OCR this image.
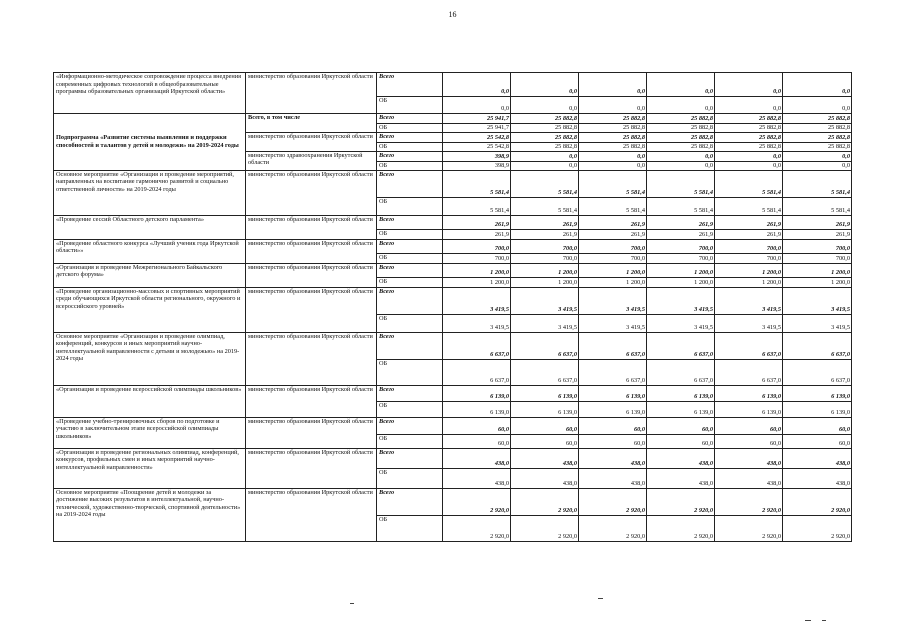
16
«Информационно-методическое сопровождение процесса внедрения современных цифровых технологий в общеобразовательные программы образовательных организаций Иркутской области»	министерство образования Иркутской области	Всего	0,0	0,0	0,0	0,0	0,0	0,0
		ОБ	0,0	0,0	0,0	0,0	0,0	0,0
Подпрограмма «Развитие системы выявления и поддержки способностей и талантов у детей и молодежи» на 2019-2024 годы	Всего, в том числе	Всего	25 941,7	25 882,8	25 882,8	25 882,8	25 882,8	25 882,8
		ОБ	25 941,7	25 882,8	25 882,8	25 882,8	25 882,8	25 882,8
	министерство образования Иркутской области	Всего	25 542,8	25 882,8	25 882,8	25 882,8	25 882,8	25 882,8
		ОБ	25 542,8	25 882,8	25 882,8	25 882,8	25 882,8	25 882,8
	министерство здравоохранения Иркутской области	Всего	398,9	0,0	0,0	0,0	0,0	0,0
		ОБ	398,9	0,0	0,0	0,0	0,0	0,0
Основное мероприятие «Организация и проведение мероприятий, направленных на воспитание гармонично развитой и социально ответственной личности» на 2019-2024 годы	министерство образования Иркутской области	Всего	5 581,4	5 581,4	5 581,4	5 581,4	5 581,4	5 581,4
		ОБ	5 581,4	5 581,4	5 581,4	5 581,4	5 581,4	5 581,4
«Проведение сессий Областного детского парламента»	министерство образования Иркутской области	Всего	261,9	261,9	261,9	261,9	261,9	261,9
		ОБ	261,9	261,9	261,9	261,9	261,9	261,9
«Проведение областного конкурса «Лучший ученик года Иркутской области»»	министерство образования Иркутской области	Всего	700,0	700,0	700,0	700,0	700,0	700,0
		ОБ	700,0	700,0	700,0	700,0	700,0	700,0
«Организация и проведение Межрегионального Байкальского детского форума»	министерство образования Иркутской области	Всего	1 200,0	1 200,0	1 200,0	1 200,0	1 200,0	1 200,0
		ОБ	1 200,0	1 200,0	1 200,0	1 200,0	1 200,0	1 200,0
«Проведение организационно-массовых и спортивных мероприятий среди обучающихся Иркутской области регионального, окружного и всероссийского уровней»	министерство образования Иркутской области	Всего	3 419,5	3 419,5	3 419,5	3 419,5	3 419,5	3 419,5
		ОБ	3 419,5	3 419,5	3 419,5	3 419,5	3 419,5	3 419,5
Основное мероприятие «Организация и проведение олимпиад, конференций, конкурсов и иных мероприятий научно-интеллектуальной направленности с детьми и молодежью» на 2019-2024 годы	министерство образования Иркутской области	Всего	6 637,0	6 637,0	6 637,0	6 637,0	6 637,0	6 637,0
		ОБ	6 637,0	6 637,0	6 637,0	6 637,0	6 637,0	6 637,0
«Организация и проведение всероссийской олимпиады школьников»	министерство образования Иркутской области	Всего	6 139,0	6 139,0	6 139,0	6 139,0	6 139,0	6 139,0
		ОБ	6 139,0	6 139,0	6 139,0	6 139,0	6 139,0	6 139,0
«Проведение учебно-тренировочных сборов по подготовке и участию в заключительном этапе всероссийской олимпиады школьников»	министерство образования Иркутской области	Всего	60,0	60,0	60,0	60,0	60,0	60,0
		ОБ	60,0	60,0	60,0	60,0	60,0	60,0
«Организация и проведение региональных олимпиад, конференций, конкурсов, профильных смен и иных мероприятий научно-интеллектуальной направленности»	министерство образования Иркутской области	Всего	438,0	438,0	438,0	438,0	438,0	438,0
		ОБ	438,0	438,0	438,0	438,0	438,0	438,0
Основное мероприятие «Поощрение детей и молодежи за достижение высоких результатов в интеллектуальной, научно-технической, художественно-творческой, спортивной деятельности» на 2019-2024 годы	министерство образования Иркутской области	Всего	2 920,0	2 920,0	2 920,0	2 920,0	2 920,0	2 920,0
		ОБ	2 920,0	2 920,0	2 920,0	2 920,0	2 920,0	2 920,0
